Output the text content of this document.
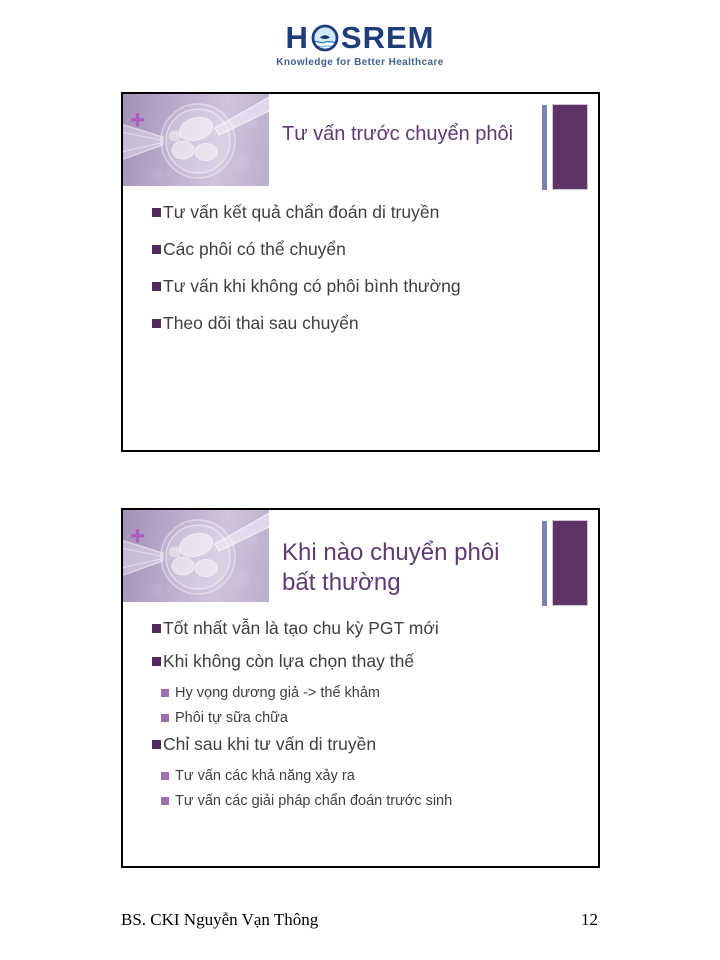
H SREM
Knowledge for Better Healthcare
Tư vấn trước chuyển phôi
Tư vấn kết quả chẩn đoán di truyền
Các phôi có thể chuyển
Tư vấn khi không có phôi bình thường
Theo dõi thai sau chuyển
Khi nào chuyển phôi
bất thường
Tốt nhất vẫn là tạo chu kỳ PGT mới
Khi không còn lựa chọn thay thế
Hy vọng dương giả -> thể khảm
Phôi tự sữa chữa
Chỉ sau khi tư vấn di truyền
Tư vấn các khả năng xảy ra
Tư vấn các giải pháp chẩn đoán trước sinh
BS. CKI Nguyễn Vạn Thông	12
